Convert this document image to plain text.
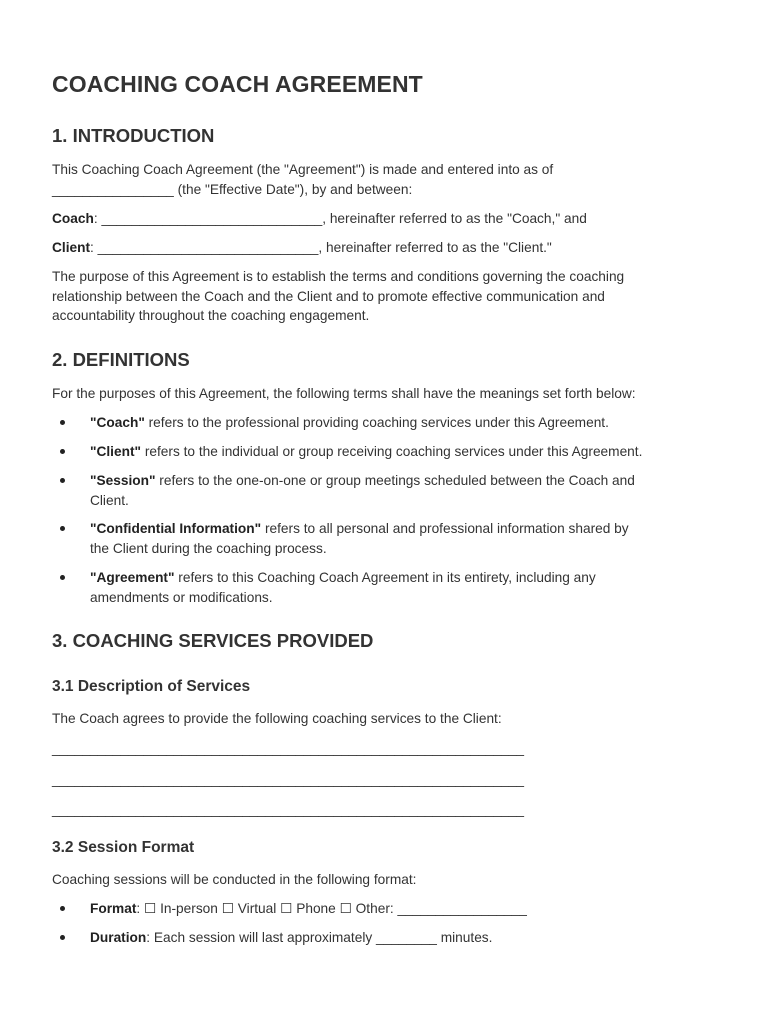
COACHING COACH AGREEMENT
1. INTRODUCTION

This Coaching Coach Agreement (the "Agreement") is made and entered into as of

________________ (the "Effective Date"), by and between:

Coach: _____________________________, hereinafter referred to as the "Coach," and

Client: _____________________________, hereinafter referred to as the "Client."

The purpose of this Agreement is to establish the terms and conditions governing the coaching

relationship between the Coach and the Client and to promote effective communication and

accountability throughout the coaching engagement.

2. DEFINITIONS

For the purposes of this Agreement, the following terms shall have the meanings set forth below:

"Coach" refers to the professional providing coaching services under this Agreement.
"Client" refers to the individual or group receiving coaching services under this Agreement.
"Session" refers to the one-on-one or group meetings scheduled between the Coach and
Client.
"Confidential Information" refers to all personal and professional information shared by
the Client during the coaching process.
"Agreement" refers to this Coaching Coach Agreement in its entirety, including any
amendments or modifications.
3. COACHING SERVICES PROVIDED
3.1 Description of Services

The Coach agrees to provide the following coaching services to the Client:

______________________________________________________________

______________________________________________________________

______________________________________________________________

3.2 Session Format

Coaching sessions will be conducted in the following format:

Format: ☐ In-person ☐ Virtual ☐ Phone ☐ Other: _________________
Duration: Each session will last approximately ________ minutes.
